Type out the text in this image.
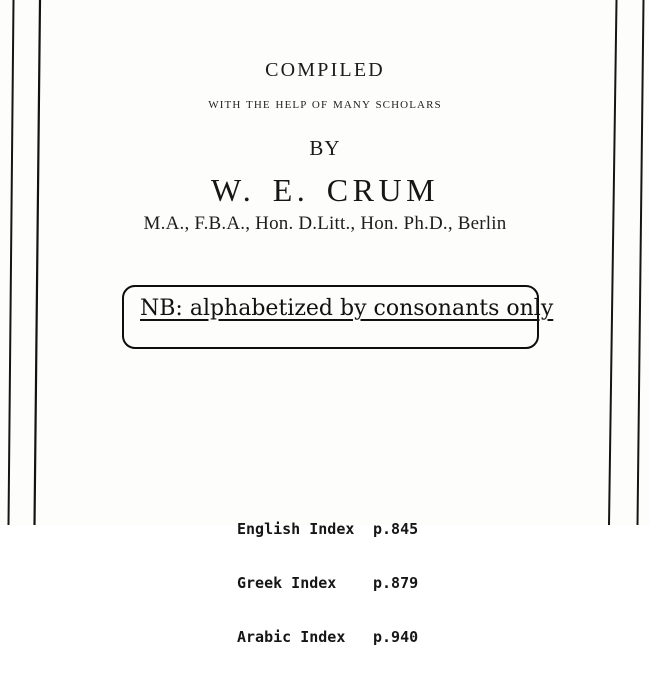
COMPILED
WITH THE HELP OF MANY SCHOLARS
BY
W. E. CRUM
M.A., F.B.A., Hon. D.Litt., Hon. Ph.D., Berlin
NB: alphabetized by consonants only

English Index p.845

Greek Index p.879

Arabic Index p.940
